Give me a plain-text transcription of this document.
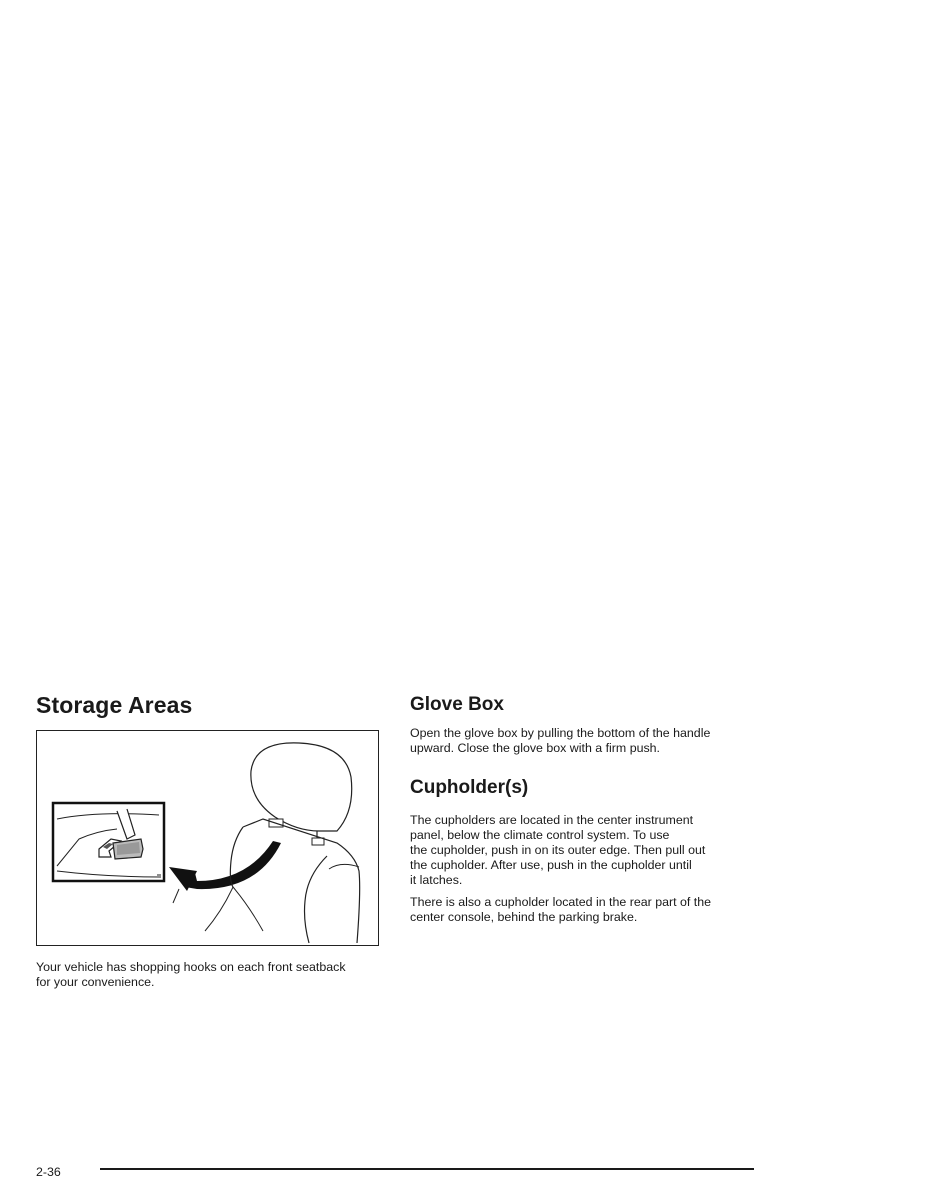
Storage Areas

Your vehicle has shopping hooks on each front seatback
for your convenience.

Glove Box

Open the glove box by pulling the bottom of the handle
upward. Close the glove box with a firm push.

Cupholder(s)

The cupholders are located in the center instrument
panel, below the climate control system. To use
the cupholder, push in on its outer edge. Then pull out
the cupholder. After use, push in the cupholder until
it latches.

There is also a cupholder located in the rear part of the
center console, behind the parking brake.

2-36
